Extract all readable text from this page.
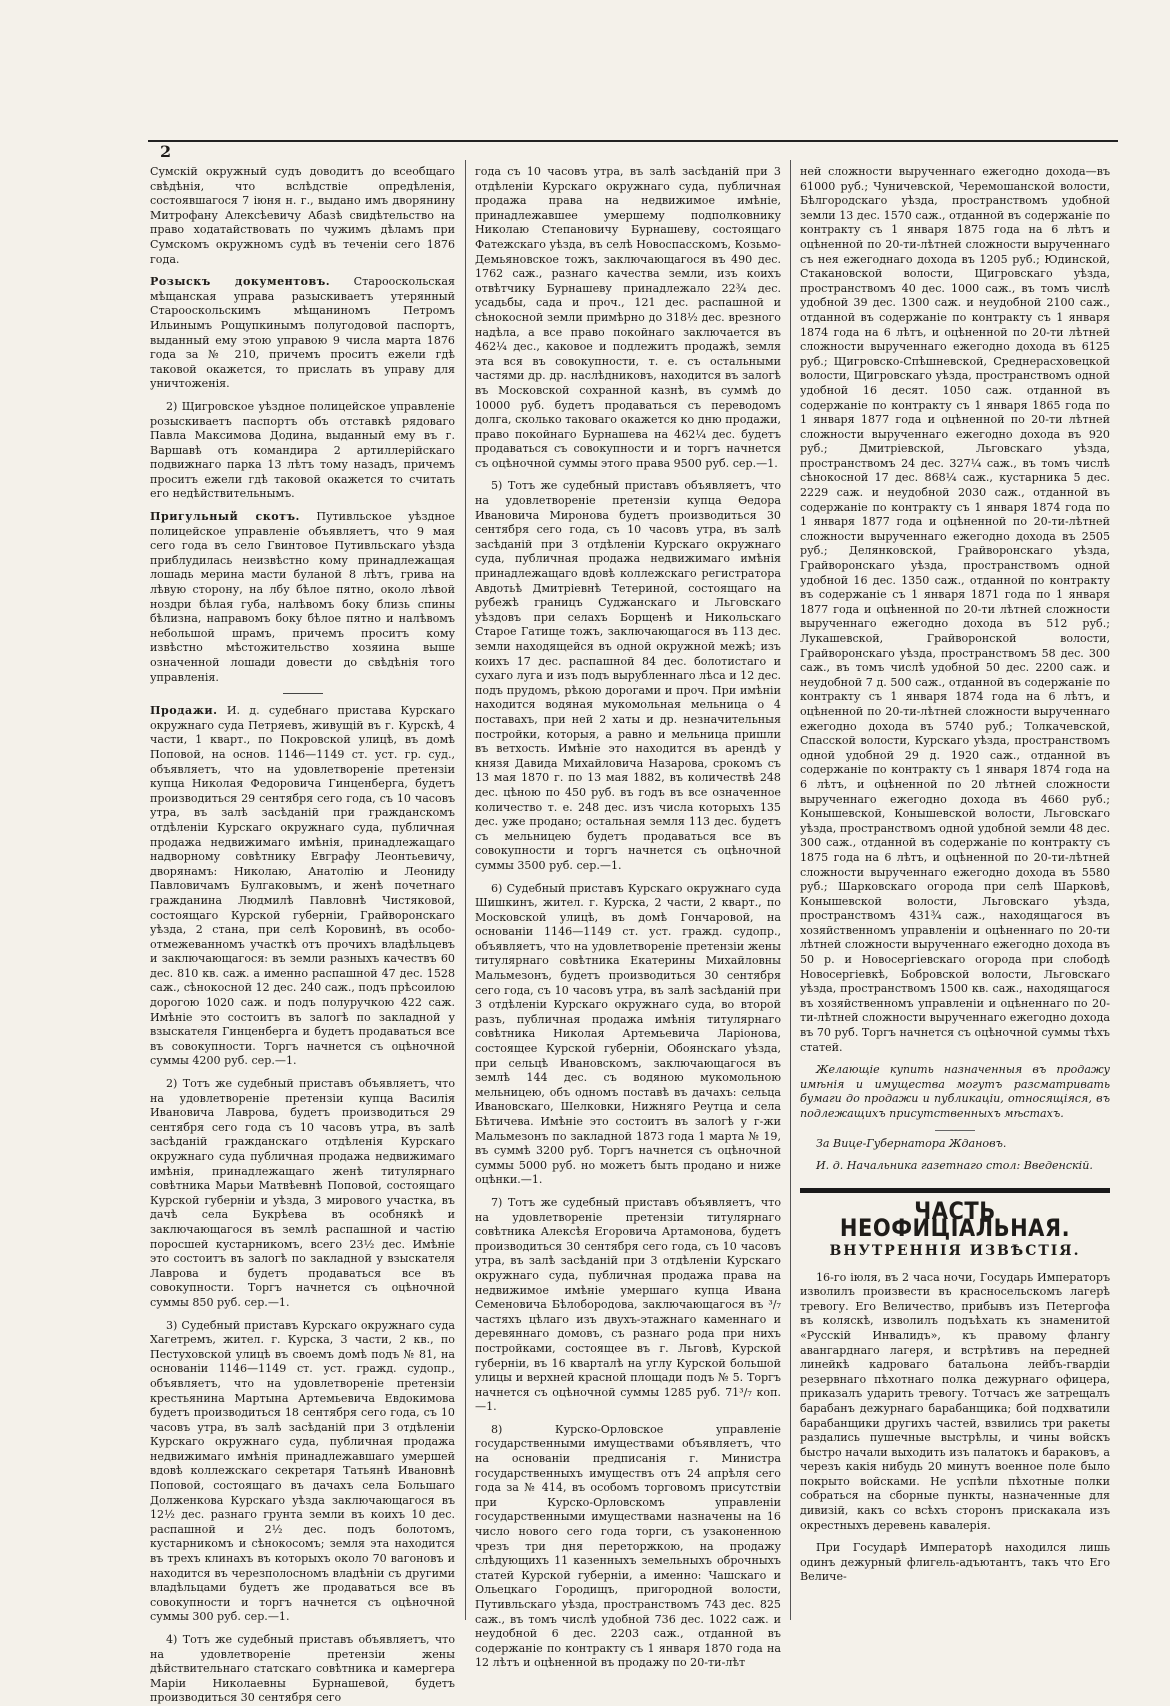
2

Сумскій окружный судъ доводитъ до всеобщаго свѣдѣнія, что вслѣдствіе опредѣленія, состоявшагося 7 іюня н. г., выдано имъ дворянину Митрофану Алексѣевичу Абазѣ свидѣтельство на право ходатайствовать по чужимъ дѣламъ при Сумскомъ окружномъ судѣ въ теченіи сего 1876 года.

Розыскъ документовъ. Старооскольская мѣщанская управа разыскиваетъ утерянный Старооскольскимъ мѣщаниномъ Петромъ Ильинымъ Рощупкинымъ полугодовой паспортъ, выданный ему этою управою 9 числа марта 1876 года за № 210, причемъ проситъ ежели гдѣ таковой окажется, то прислать въ управу для уничтоженія.

2) Щигровское уѣздное полицейское управленіе розыскиваетъ паспортъ объ отставкѣ рядоваго Павла Максимова Додина, выданный ему въ г. Варшавѣ отъ командира 2 артиллерійскаго подвижнаго парка 13 лѣтъ тому назадъ, причемъ проситъ ежели гдѣ таковой окажется то считать его недѣйствительнымъ.

Пригульный скотъ. Путивльское уѣздное полицейское управленіе объявляетъ, что 9 мая сего года въ село Гвинтовое Путивльскаго уѣзда приблудилась неизвѣстно кому принадлежащая лошадь мерина масти буланой 8 лѣтъ, грива на лѣвую сторону, на лбу бѣлое пятно, около лѣвой ноздри бѣлая губа, налѣвомъ боку близь спины бѣлизна, направомъ боку бѣлое пятно и налѣвомъ небольшой шрамъ, причемъ проситъ кому извѣстно мѣстожительство хозяина выше означенной лошади довести до свѣдѣнія того управленія.

Продажи. И. д. судебнаго пристава Курскаго окружнаго суда Петряевъ, живущій въ г. Курскѣ, 4 части, 1 кварт., по Покровской улицѣ, въ домѣ Поповой, на основ. 1146—1149 ст. уст. гр. суд., объявляетъ, что на удовлетвореніе претензіи купца Николая Федоровича Гинценберга, будетъ производиться 29 сентября сего года, съ 10 часовъ утра, въ залѣ засѣданій при гражданскомъ отдѣленіи Курскаго окружнаго суда, публичная продажа недвижимаго имѣнія, принадлежащаго надворному совѣтнику Евграфу Леонтьевичу, дворянамъ: Николаю, Анатолію и Леониду Павловичамъ Булгаковымъ, и женѣ почетнаго гражданина Людмилѣ Павловнѣ Чистяковой, состоящаго Курской губерніи, Грайворонскаго уѣзда, 2 стана, при селѣ Коровинѣ, въ особо-отмежеванномъ участкѣ отъ прочихъ владѣльцевъ и заключающагося: въ земли разныхъ качествъ 60 дес. 810 кв. саж. а именно распашной 47 дес. 1528 саж., сѣнокосной 12 дес. 240 саж., подъ прѣсоилою дорогою 1020 саж. и подъ полуручкою 422 саж. Имѣніе это состоитъ въ залогѣ по закладной у взыскателя Гинценберга и будетъ продаваться все въ совокупности. Торгъ начнется съ оцѣночной суммы 4200 руб. сер.—1.

2) Тотъ же судебный приставъ объявляетъ, что на удовлетвореніе претензіи купца Василія Ивановича Лаврова, будетъ производиться 29 сентября сего года съ 10 часовъ утра, въ залѣ засѣданій гражданскаго отдѣленія Курскаго окружнаго суда публичная продажа недвижимаго имѣнія, принадлежащаго женѣ титулярнаго совѣтника Марьи Матвѣевнѣ Поповой, состоящаго Курской губерніи и уѣзда, 3 мирового участка, въ дачѣ села Букрѣева въ особнякѣ и заключающагося въ землѣ распашной и частію поросшей кустарникомъ, всего 23½ дес. Имѣніе это состоитъ въ залогѣ по закладной у взыскателя Лаврова и будетъ продаваться все въ совокупности. Торгъ начнется съ оцѣночной суммы 850 руб. сер.—1.

3) Судебный приставъ Курскаго окружнаго суда Хагетремъ, жител. г. Курска, 3 части, 2 кв., по Пестуховской улицѣ въ своемъ домѣ подъ № 81, на основаніи 1146—1149 ст. уст. гражд. судопр., объявляетъ, что на удовлетвореніе претензіи крестьянина Мартына Артемьевича Евдокимова будетъ производиться 18 сентября сего года, съ 10 часовъ утра, въ залѣ засѣданій при 3 отдѣленіи Курскаго окружнаго суда, публичная продажа недвижимаго имѣнія принадлежавшаго умершей вдовѣ коллежскаго секретаря Татьянѣ Ивановнѣ Поповой, состоящаго въ дачахъ села Большаго Долженкова Курскаго уѣзда заключающагося въ 12½ дес. разнаго грунта земли въ коихъ 10 дес. распашной и 2½ дес. подъ болотомъ, кустарникомъ и сѣнокосомъ; земля эта находится въ трехъ клинахъ въ которыхъ около 70 вагоновъ и находится въ черезполосномъ владѣніи съ другими владѣльцами будетъ же продаваться все въ совокупности и торгъ начнется съ оцѣночной суммы 300 руб. сер.—1.

4) Тотъ же судебный приставъ объявляетъ, что на удовлетвореніе претензіи жены дѣйствительнаго статскаго совѣтника и камергера Маріи Николаевны Бурнашевой, будетъ производиться 30 сентября сего

года съ 10 часовъ утра, въ залѣ засѣданій при 3 отдѣленіи Курскаго окружнаго суда, публичная продажа права на недвижимое имѣніе, принадлежавшее умершему подполковнику Николаю Степановичу Бурнашеву, состоящаго Фатежскаго уѣзда, въ селѣ Новоспасскомъ, Козьмо-Демьяновское тожъ, заключающагося въ 490 дес. 1762 саж., разнаго качества земли, изъ коихъ отвѣтчику Бурнашеву принадлежало 22¾ дес. усадьбы, сада и проч., 121 дес. распашной и сѣнокосной земли примѣрно до 318½ дес. врезного надѣла, а все право покойнаго заключается въ 462¼ дес., каковое и подлежитъ продажѣ, земля эта вся въ совокупности, т. е. съ остальными частями др. др. наслѣдниковъ, находится въ залогѣ въ Московской сохранной казнѣ, въ суммѣ до 10000 руб. будетъ продаваться съ переводомъ долга, сколько таковаго окажется ко дню продажи, право покойнаго Бурнашева на 462¼ дес. будетъ продаваться съ совокупности и и торгъ начнется съ оцѣночной суммы этого права 9500 руб. сер.—1.

5) Тотъ же судебный приставъ объявляетъ, что на удовлетвореніе претензіи купца Ѳедора Ивановича Миронова будетъ производиться 30 сентября сего года, съ 10 часовъ утра, въ залѣ засѣданій при 3 отдѣленіи Курскаго окружнаго суда, публичная продажа недвижимаго имѣнія принадлежащаго вдовѣ коллежскаго регистратора Авдотьѣ Дмитріевнѣ Тетериной, состоящаго на рубежѣ границъ Суджанскаго и Льговскаго уѣздовъ при селахъ Борщенѣ и Никольскаго Старое Гатище тожъ, заключающагося въ 113 дес. земли находящейся въ одной окружной межѣ; изъ коихъ 17 дес. распашной 84 дес. болотистаго и сухаго луга и изъ подъ вырубленнаго лѣса и 12 дес. подъ прудомъ, рѣкою дорогами и проч. При имѣніи находится водяная мукомольная мельница о 4 поставахъ, при ней 2 хаты и др. незначительныя постройки, которыя, а равно и мельница пришли въ ветхость. Имѣніе это находится въ арендѣ у князя Давида Михайловича Назарова, срокомъ съ 13 мая 1870 г. по 13 мая 1882, въ количествѣ 248 дес. цѣною по 450 руб. въ годъ въ все означенное количество т. е. 248 дес. изъ числа которыхъ 135 дес. уже продано; остальная земля 113 дес. будетъ съ мельницею будетъ продаваться все въ совокупности и торгъ начнется съ оцѣночной суммы 3500 руб. сер.—1.

6) Судебный приставъ Курскаго окружнаго суда Шишкинъ, жител. г. Курска, 2 части, 2 кварт., по Московской улицѣ, въ домѣ Гончаровой, на основаніи 1146—1149 ст. уст. гражд. судопр., объявляетъ, что на удовлетвореніе претензіи жены титулярнаго совѣтника Екатерины Михайловны Мальмезонъ, будетъ производиться 30 сентября сего года, съ 10 часовъ утра, въ залѣ засѣданій при 3 отдѣленіи Курскаго окружнаго суда, во второй разъ, публичная продажа имѣнія титулярнаго совѣтника Николая Артемьевича Ларіонова, состоящее Курской губерніи, Обоянскаго уѣзда, при сельцѣ Ивановскомъ, заключающагося въ землѣ 144 дес. съ водяною мукомольною мельницею, объ одномъ поставѣ въ дачахъ: сельца Ивановскаго, Шелковки, Нижняго Реутца и села Бѣтичева. Имѣніе это состоитъ въ залогѣ у г-жи Мальмезонъ по закладной 1873 года 1 марта № 19, въ суммѣ 3200 руб. Торгъ начнется съ оцѣночной суммы 5000 руб. но можетъ быть продано и ниже оцѣнки.—1.

7) Тотъ же судебный приставъ объявляетъ, что на удовлетвореніе претензіи титулярнаго совѣтника Алексѣя Егоровича Артамонова, будетъ производиться 30 сентября сего года, съ 10 часовъ утра, въ залѣ засѣданій при 3 отдѣленіи Курскаго окружнаго суда, публичная продажа права на недвижимое имѣніе умершаго купца Ивана Семеновича Бѣлобородова, заключающагося въ ³/₇ частяхъ цѣлаго изъ двухъ-этажнаго каменнаго и деревяннаго домовъ, съ разнаго рода при нихъ постройками, состоящее въ г. Льговѣ, Курской губерніи, въ 16 кварталѣ на углу Курской большой улицы и верхней красной площади подъ № 5. Торгъ начнется съ оцѣночной суммы 1285 руб. 71³/₇ коп.—1.

8) Курско-Орловское управленіе государственными имуществами объявляетъ, что на основаніи предписанія г. Министра государственныхъ имуществъ отъ 24 апрѣля сего года за № 414, въ особомъ торговомъ присутствіи при Курско-Орловскомъ управленіи государственными имуществами назначены на 16 число нового сего года торги, съ узаконенною чрезъ три дня переторжкою, на продажу слѣдующихъ 11 казенныхъ земельныхъ оброчныхъ статей Курской губерніи, а именно: Чашскаго и Ольецкаго Городищъ, пригородной волости, Путивльскаго уѣзда, пространствомъ 743 дес. 825 саж., въ томъ числѣ удобной 736 дес. 1022 саж. и неудобной 6 дес. 2203 саж., отданной въ содержаніе по контракту съ 1 января 1870 года на 12 лѣтъ и оцѣненной въ продажу по 20-ти-лѣт

ней сложности вырученнаго ежегодно дохода—въ 61000 руб.; Чуничевской, Черемошанской волости, Бѣлгородскаго уѣзда, пространствомъ удобной земли 13 дес. 1570 саж., отданной въ содержаніе по контракту съ 1 января 1875 года на 6 лѣтъ и оцѣненной по 20-ти-лѣтней сложности вырученнаго съ нея ежегоднаго дохода въ 1205 руб.; Юдинской, Стакановской волости, Щигровскаго уѣзда, пространствомъ 40 дес. 1000 саж., въ томъ числѣ удобной 39 дес. 1300 саж. и неудобной 2100 саж., отданной въ содержаніе по контракту съ 1 января 1874 года на 6 лѣтъ, и оцѣненной по 20-ти лѣтней сложности вырученнаго ежегодно дохода въ 6125 руб.; Щигровско-Спѣшневской, Среднерасховецкой волости, Щигровскаго уѣзда, пространствомъ одной удобной 16 десят. 1050 саж. отданной въ содержаніе по контракту съ 1 января 1865 года по 1 января 1877 года и оцѣненной по 20-ти лѣтней сложности вырученнаго ежегодно дохода въ 920 руб.; Дмитріевской, Льговскаго уѣзда, пространствомъ 24 дес. 327¼ саж., въ томъ числѣ сѣнокосной 17 дес. 868¼ саж., кустарника 5 дес. 2229 саж. и неудобной 2030 саж., отданной въ содержаніе по контракту съ 1 января 1874 года по 1 января 1877 года и оцѣненной по 20-ти-лѣтней сложности вырученнаго ежегодно дохода въ 2505 руб.; Делянковской, Грайворонскаго уѣзда, Грайворонскаго уѣзда, пространствомъ одной удобной 16 дес. 1350 саж., отданной по контракту въ содержаніе съ 1 января 1871 года по 1 января 1877 года и оцѣненной по 20-ти лѣтней сложности вырученнаго ежегодно дохода въ 512 руб.; Лукашевской, Грайворонской волости, Грайворонскаго уѣзда, пространствомъ 58 дес. 300 саж., въ томъ числѣ удобной 50 дес. 2200 саж. и неудобной 7 д. 500 саж., отданной въ содержаніе по контракту съ 1 января 1874 года на 6 лѣтъ, и оцѣненной по 20-ти-лѣтней сложности вырученнаго ежегодно дохода въ 5740 руб.; Толкачевской, Спасской волости, Курскаго уѣзда, пространствомъ одной удобной 29 д. 1920 саж., отданной въ содержаніе по контракту съ 1 января 1874 года на 6 лѣтъ, и оцѣненной по 20 лѣтней сложности вырученнаго ежегодно дохода въ 4660 руб.; Конышевской, Конышевской волости, Льговскаго уѣзда, пространствомъ одной удобной земли 48 дес. 300 саж., отданной въ содержаніе по контракту съ 1875 года на 6 лѣтъ, и оцѣненной по 20-ти-лѣтней сложности вырученнаго ежегодно дохода въ 5580 руб.; Шарковскаго огорода при селѣ Шарковѣ, Конышевской волости, Льговскаго уѣзда, пространствомъ 431¾ саж., находящагося въ хозяйственномъ управленіи и оцѣненнаго по 20-ти лѣтней сложности вырученнаго ежегодно дохода въ 50 р. и Новосергіевскаго огорода при слободѣ Новосергіевкѣ, Бобровской волости, Льговскаго уѣзда, пространствомъ 1500 кв. саж., находящагося въ хозяйственномъ управленіи и оцѣненнаго по 20-ти-лѣтней сложности вырученнаго ежегодно дохода въ 70 руб. Торгъ начнется съ оцѣночной суммы тѣхъ статей.

Желающіе купить назначенныя въ продажу имѣнія и имущества могутъ разсматривать бумаги до продажи и публикаціи, относящіяся, въ подлежащихъ присутственныхъ мѣстахъ.

За Вице-Губернатора Ждановъ.

И. д. Начальника газетнаго стол: Введенскій.

ЧАСТЬ НЕОФИЦІАЛЬНАЯ.
ВНУТРЕННІЯ ИЗВѢСТІЯ.

16-го іюля, въ 2 часа ночи, Государь Императоръ изволилъ произвести въ красносельскомъ лагерѣ тревогу. Его Величество, прибывъ изъ Петергофа въ коляскѣ, изволилъ подъѣхать къ знаменитой «Русскій Инвалидъ», къ правому флангу авангарднаго лагеря, и встрѣтивъ на передней линейкѣ кадроваго батальона лейбъ-гвардіи резервнаго пѣхотнаго полка дежурнаго офицера, приказалъ ударить тревогу. Тотчасъ же затрещалъ барабанъ дежурнаго барабанщика; бой подхватили барабанщики другихъ частей, взвились три ракеты раздались пушечные выстрѣлы, и чины войскъ быстро начали выходить изъ палатокъ и бараковъ, а черезъ какія нибудь 20 минутъ военное поле было покрыто войсками. Не успѣли пѣхотные полки собраться на сборные пункты, назначенные для дивизій, какъ со всѣхъ сторонъ прискакала изъ окрестныхъ деревень кавалерія.

При Государѣ Императорѣ находился лишь одинъ дежурный флигель-адъютантъ, такъ что Его Величе-
